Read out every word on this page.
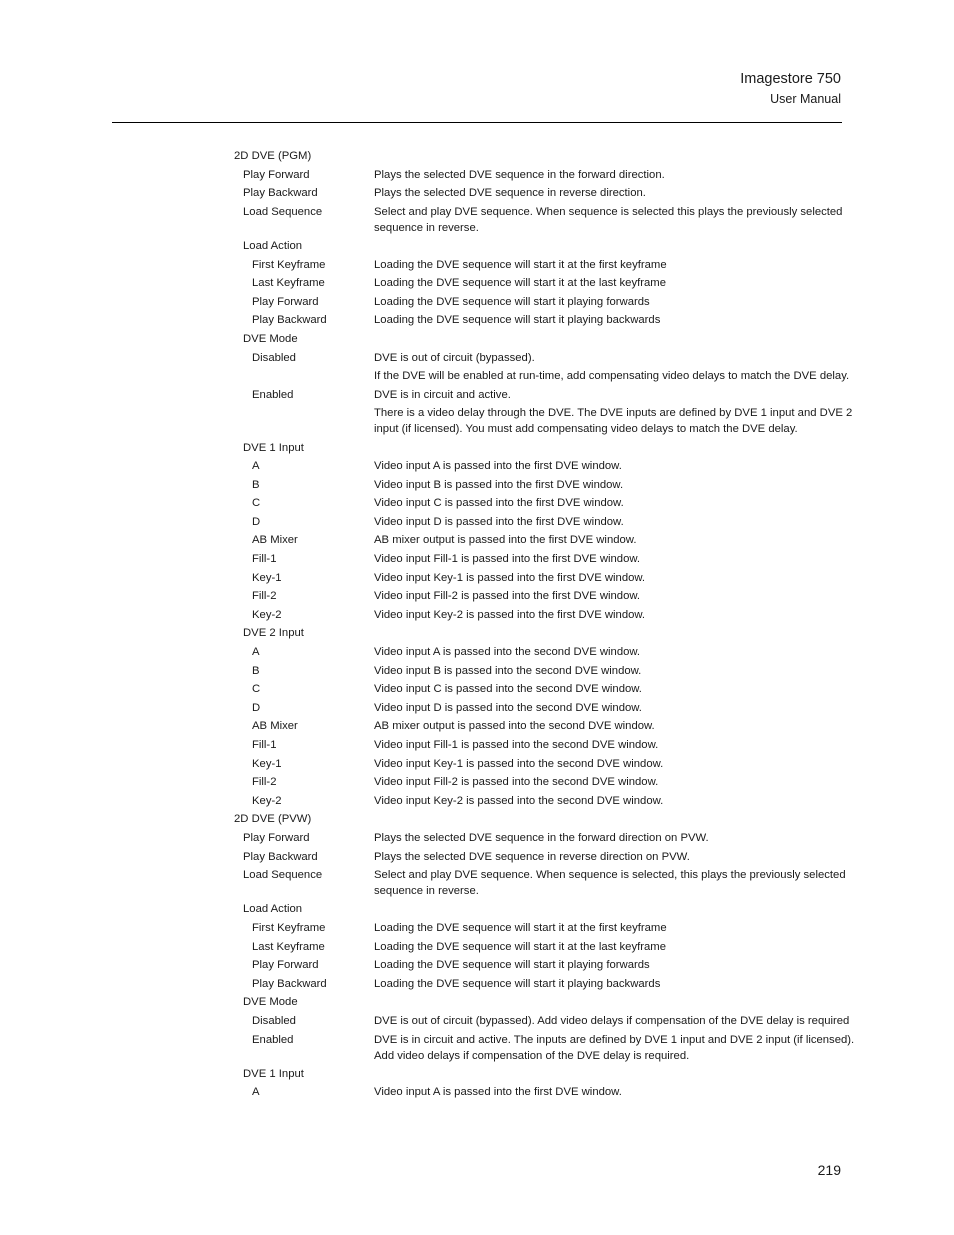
Imagestore 750
User Manual
2D DVE (PGM)
Play Forward	Plays the selected DVE sequence in the forward direction.
Play Backward	Plays the selected DVE sequence in reverse direction.
Load Sequence	Select and play DVE sequence. When sequence is selected this plays the previously selected sequence in reverse.
Load Action
First Keyframe	Loading the DVE sequence will start it at the first keyframe
Last Keyframe	Loading the DVE sequence will start it at the last keyframe
Play Forward	Loading the DVE sequence will start it playing forwards
Play Backward	Loading the DVE sequence will start it playing backwards
DVE Mode
Disabled	DVE is out of circuit (bypassed).
If the DVE will be enabled at run-time, add compensating video delays to match the DVE delay.
Enabled	DVE is in circuit and active.
There is a video delay through the DVE. The DVE inputs are defined by DVE 1 input and DVE 2 input (if licensed). You must add compensating video delays to match the DVE delay.
DVE 1 Input
A	Video input A is passed into the first DVE window.
B	Video input B is passed into the first DVE window.
C	Video input C is passed into the first DVE window.
D	Video input D is passed into the first DVE window.
AB Mixer	AB mixer output is passed into the first DVE window.
Fill-1	Video input Fill-1 is passed into the first DVE window.
Key-1	Video input Key-1 is passed into the first DVE window.
Fill-2	Video input Fill-2 is passed into the first DVE window.
Key-2	Video input Key-2 is passed into the first DVE window.
DVE 2 Input
A	Video input A is passed into the second DVE window.
B	Video input B is passed into the second DVE window.
C	Video input C is passed into the second DVE window.
D	Video input D is passed into the second DVE window.
AB Mixer	AB mixer output is passed into the second DVE window.
Fill-1	Video input Fill-1 is passed into the second DVE window.
Key-1	Video input Key-1 is passed into the second DVE window.
Fill-2	Video input Fill-2 is passed into the second DVE window.
Key-2	Video input Key-2 is passed into the second DVE window.
2D DVE (PVW)
Play Forward	Plays the selected DVE sequence in the forward direction on PVW.
Play Backward	Plays the selected DVE sequence in reverse direction on PVW.
Load Sequence	Select and play DVE sequence. When sequence is selected, this plays the previously selected sequence in reverse.
Load Action
First Keyframe	Loading the DVE sequence will start it at the first keyframe
Last Keyframe	Loading the DVE sequence will start it at the last keyframe
Play Forward	Loading the DVE sequence will start it playing forwards
Play Backward	Loading the DVE sequence will start it playing backwards
DVE Mode
Disabled	DVE is out of circuit (bypassed). Add video delays if compensation of the DVE delay is required
Enabled	DVE is in circuit and active. The inputs are defined by DVE 1 input and DVE 2 input (if licensed). Add video delays if compensation of the DVE delay is required.
DVE 1 Input
A	Video input A is passed into the first DVE window.
219
